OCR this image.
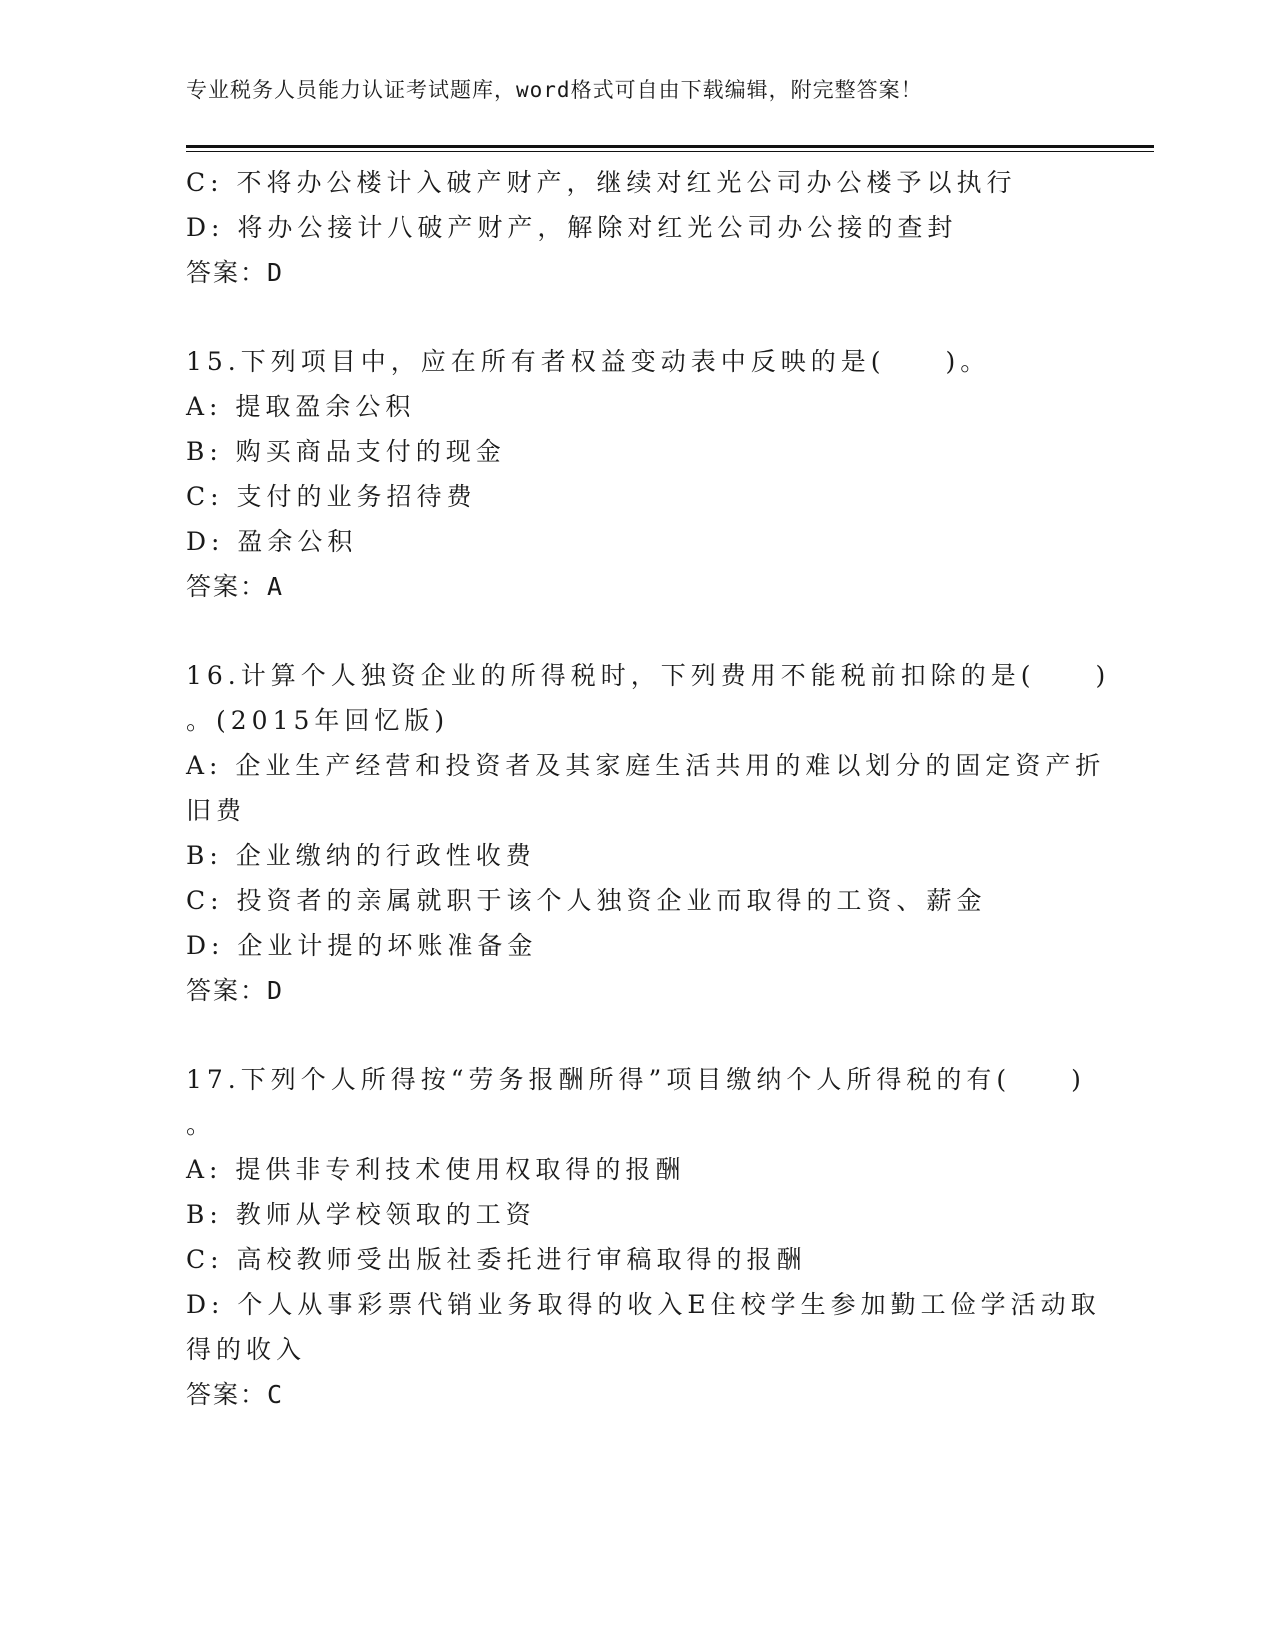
专业税务人员能力认证考试题库，word格式可自由下载编辑，附完整答案！
C: 不将办公楼计入破产财产，继续对红光公司办公楼予以执行
D: 将办公接计八破产财产，解除对红光公司办公接的查封
答案：D
15.下列项目中，应在所有者权益变动表中反映的是(　　)。
A: 提取盈余公积
B: 购买商品支付的现金
C: 支付的业务招待费
D: 盈余公积
答案：A
16.计算个人独资企业的所得税时，下列费用不能税前扣除的是(　　)
。(2015年回忆版)
A: 企业生产经营和投资者及其家庭生活共用的难以划分的固定资产折
旧费
B: 企业缴纳的行政性收费
C: 投资者的亲属就职于该个人独资企业而取得的工资、薪金
D: 企业计提的坏账准备金
答案：D
17.下列个人所得按“劳务报酬所得”项目缴纳个人所得税的有(　　)
。
A: 提供非专利技术使用权取得的报酬
B: 教师从学校领取的工资
C: 高校教师受出版社委托进行审稿取得的报酬
D: 个人从事彩票代销业务取得的收入E住校学生参加勤工俭学活动取
得的收入
答案：C
